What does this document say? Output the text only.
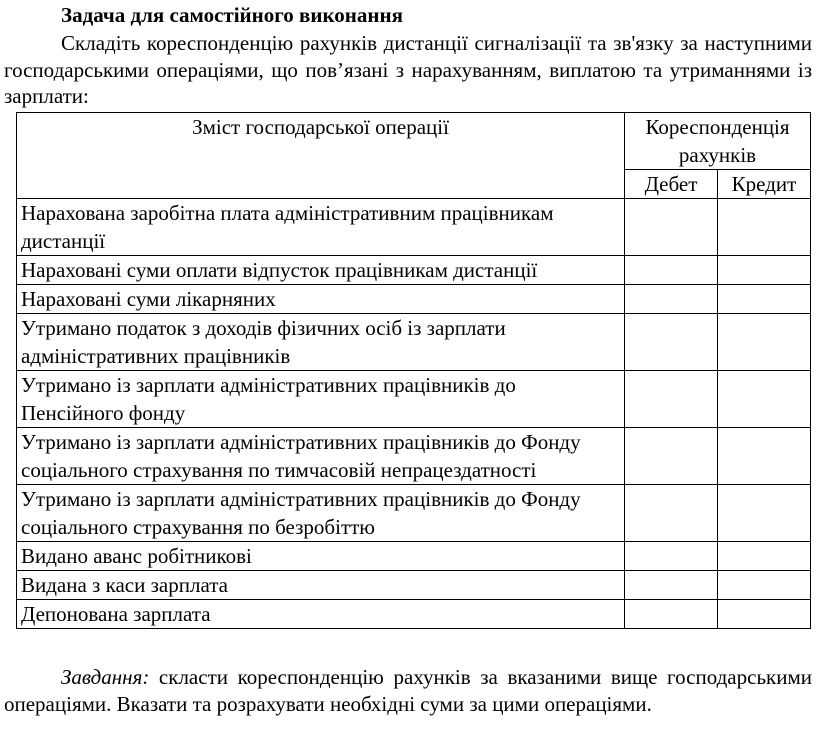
Задача для самостійного виконання

Складіть кореспонденцію рахунків дистанції сигналізації та зв'язку за наступними господарськими операціями, що пов’язані з нарахуванням, виплатою та утриманнями із зарплати:

Зміст господарської операції	Кореспонденція рахунків	
	Дебет	Кредит
Нарахована заробітна плата адміністративним працівникам дистанції		
Нараховані суми оплати відпусток працівникам дистанції		
Нараховані суми лікарняних		
Утримано податок з доходів фізичних осіб із зарплати адміністративних працівників		
Утримано із зарплати адміністративних працівників до Пенсійного фонду		
Утримано із зарплати адміністративних працівників до Фонду соціального страхування по тимчасовій непрацездатності		
Утримано із зарплати адміністративних працівників до Фонду соціального страхування по безробіттю		
Видано аванс робітникові		
Видана з каси зарплата		
Депонована зарплата		

Завдання: скласти кореспонденцію рахунків за вказаними вище господарськими операціями. Вказати та розрахувати необхідні суми за цими операціями.
